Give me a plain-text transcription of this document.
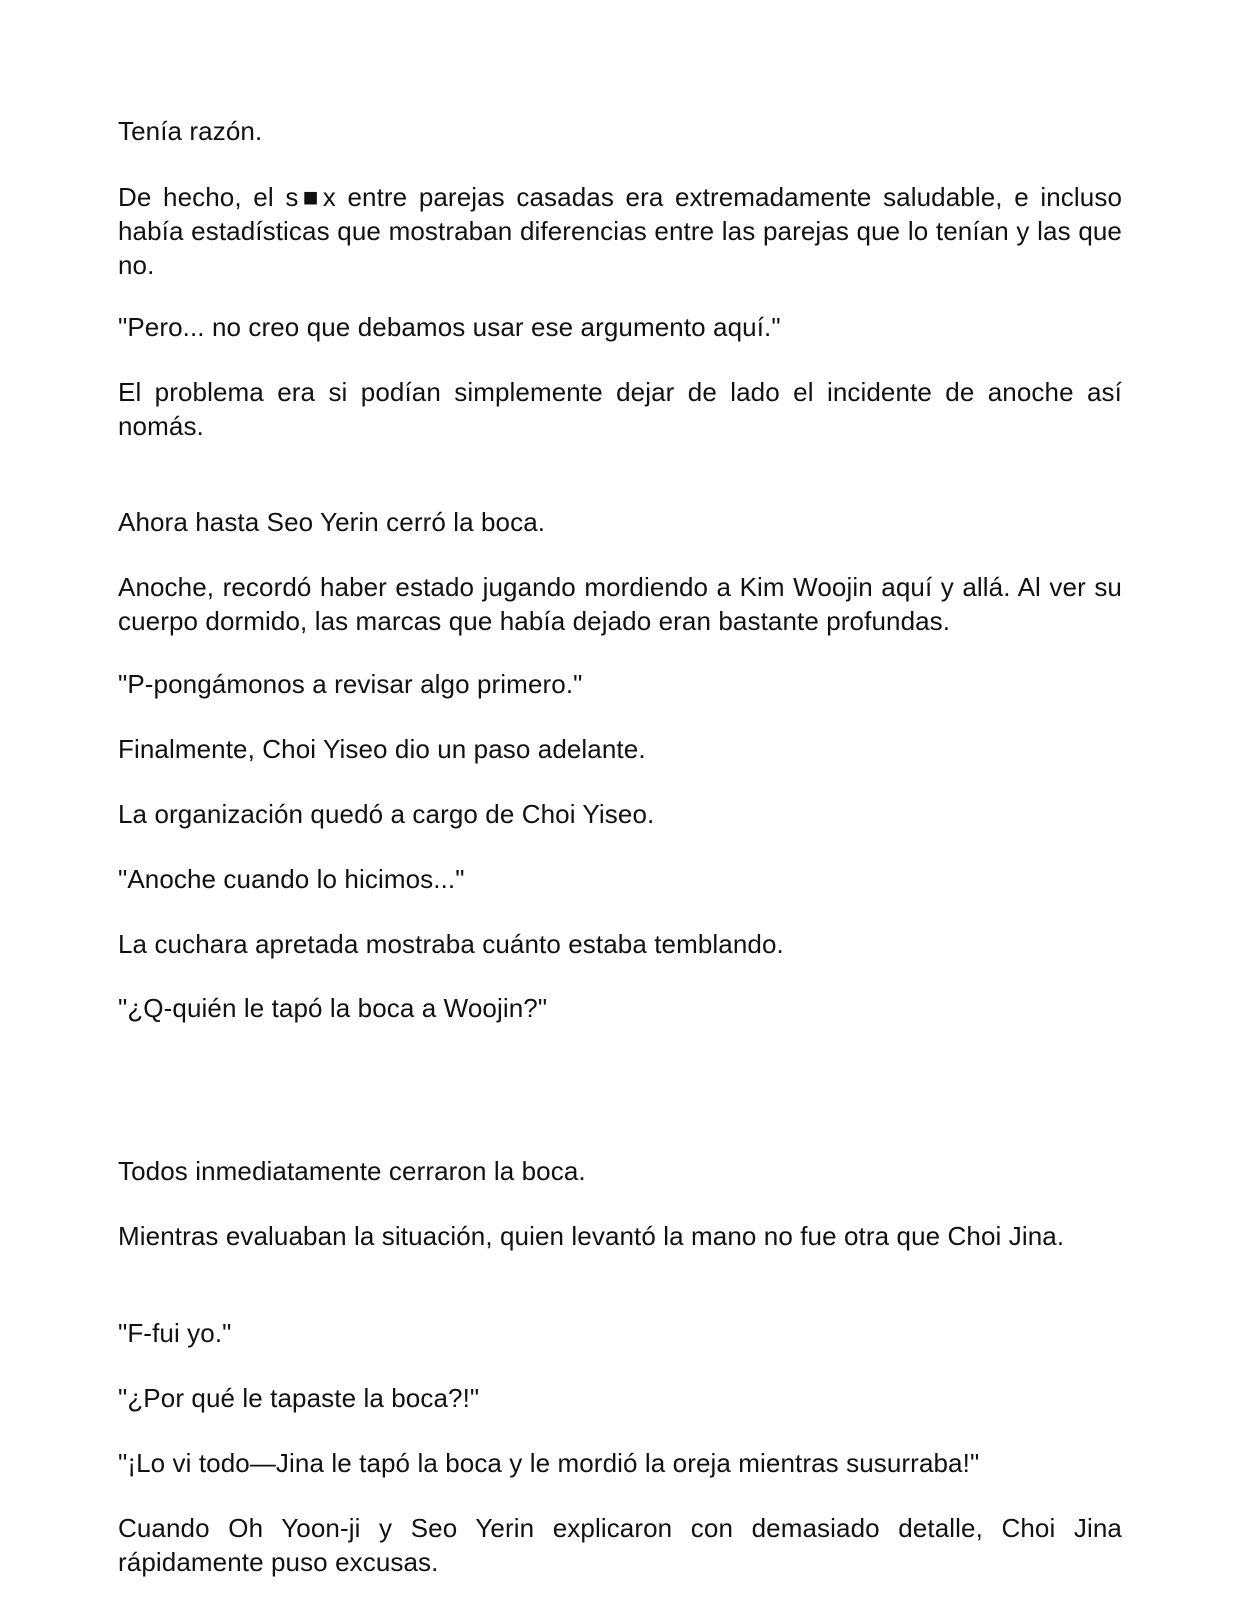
Tenía razón.

De hecho, el s■x entre parejas casadas era extremadamente saludable, e incluso había estadísticas que mostraban diferencias entre las parejas que lo tenían y las que no.

"Pero... no creo que debamos usar ese argumento aquí."

El problema era si podían simplemente dejar de lado el incidente de anoche así nomás.

Ahora hasta Seo Yerin cerró la boca.

Anoche, recordó haber estado jugando mordiendo a Kim Woojin aquí y allá. Al ver su cuerpo dormido, las marcas que había dejado eran bastante profundas.

"P-pongámonos a revisar algo primero."

Finalmente, Choi Yiseo dio un paso adelante.

La organización quedó a cargo de Choi Yiseo.

"Anoche cuando lo hicimos..."

La cuchara apretada mostraba cuánto estaba temblando.

"¿Q-quién le tapó la boca a Woojin?"

Todos inmediatamente cerraron la boca.

Mientras evaluaban la situación, quien levantó la mano no fue otra que Choi Jina.

"F-fui yo."

"¿Por qué le tapaste la boca?!"

"¡Lo vi todo—Jina le tapó la boca y le mordió la oreja mientras susurraba!"

Cuando Oh Yoon-ji y Seo Yerin explicaron con demasiado detalle, Choi Jina rápidamente puso excusas.
